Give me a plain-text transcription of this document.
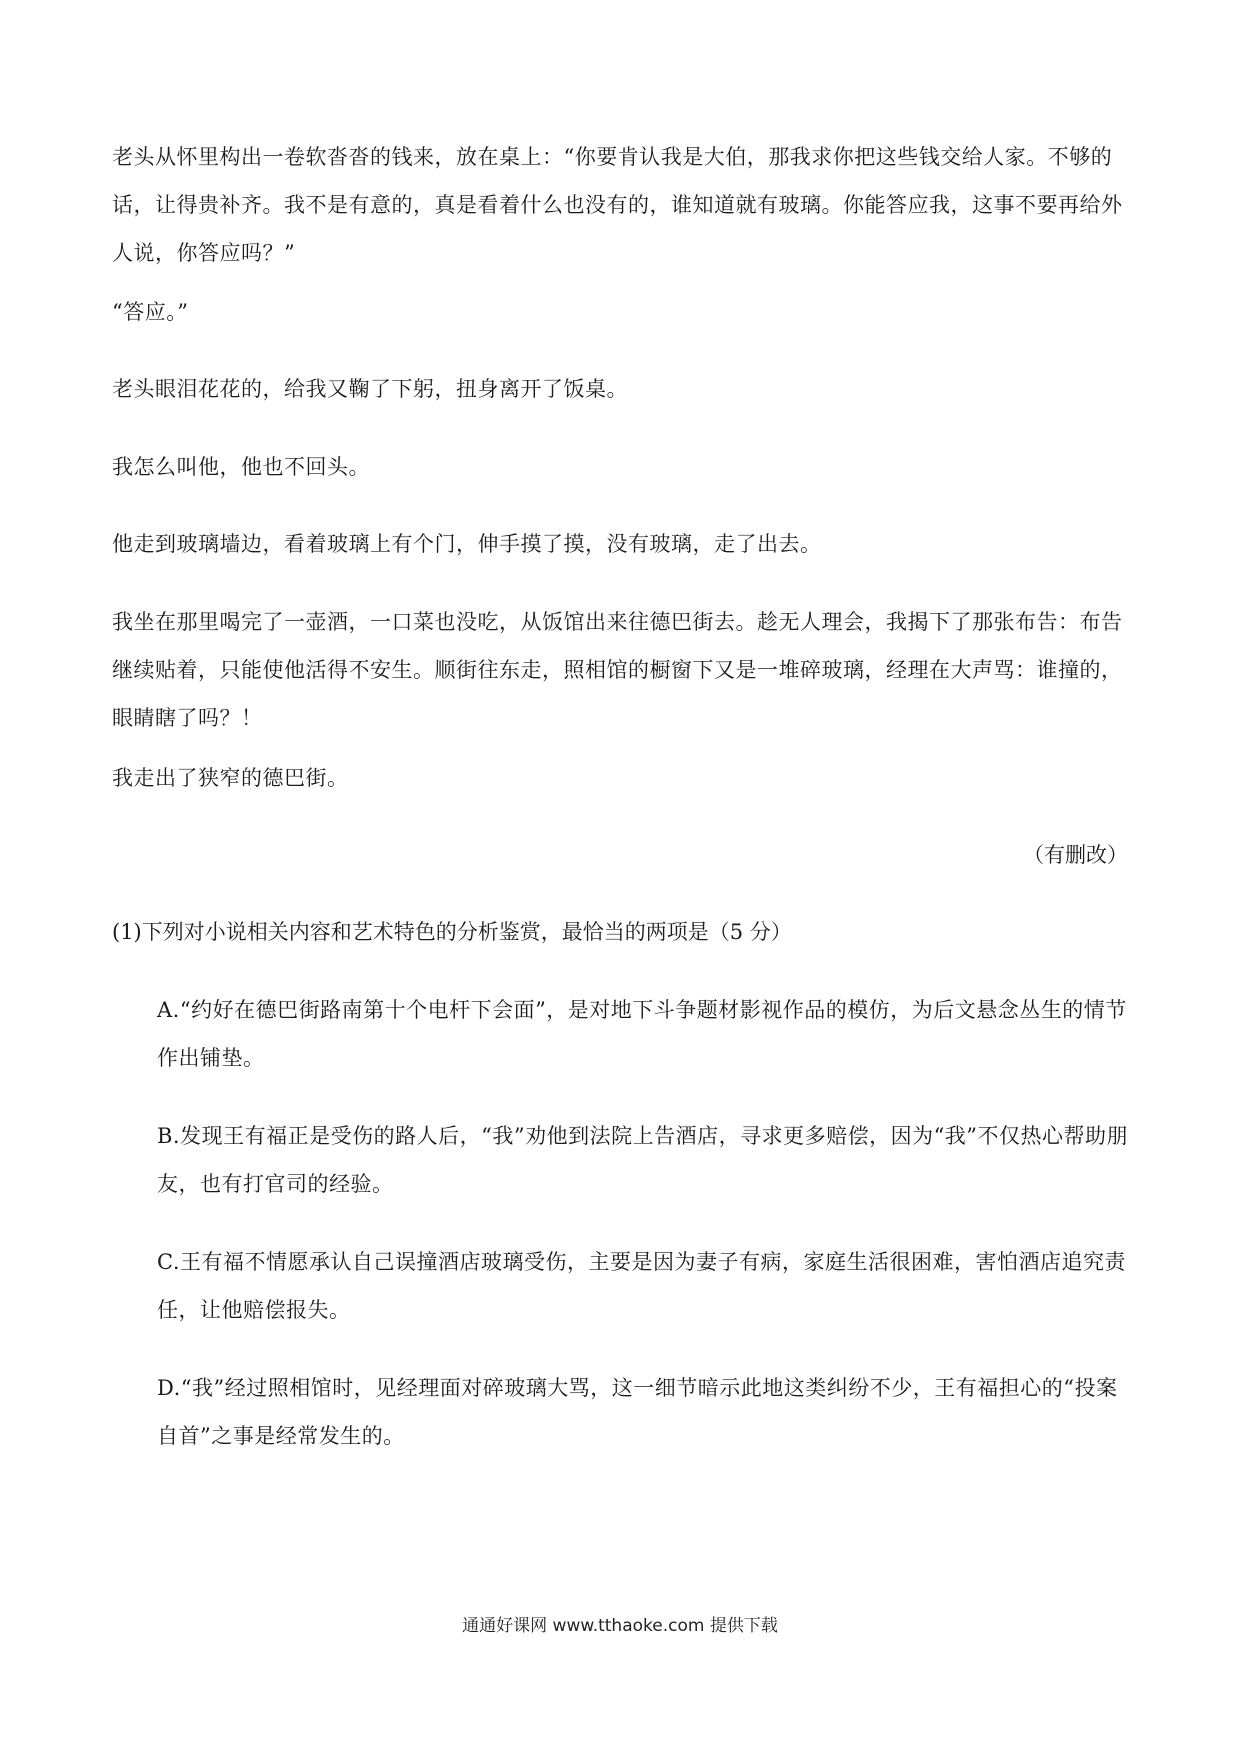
老头从怀里构出一卷软沓沓的钱来，放在桌上：“你要肯认我是大伯，那我求你把这些钱交给人家。不够的话，让得贵补齐。我不是有意的，真是看着什么也没有的，谁知道就有玻璃。你能答应我，这事不要再给外人说，你答应吗？”

“答应。”

老头眼泪花花的，给我又鞠了下躬，扭身离开了饭桌。

我怎么叫他，他也不回头。

他走到玻璃墙边，看着玻璃上有个门，伸手摸了摸，没有玻璃，走了出去。

我坐在那里喝完了一壶酒，一口菜也没吃，从饭馆出来往德巴街去。趁无人理会，我揭下了那张布告：布告继续贴着，只能使他活得不安生。顺街往东走，照相馆的橱窗下又是一堆碎玻璃，经理在大声骂：谁撞的，眼睛瞎了吗？！

我走出了狭窄的德巴街。

（有删改）

(1)下列对小说相关内容和艺术特色的分析鉴赏，最恰当的两项是（5 分）

A.“约好在德巴街路南第十个电杆下会面”，是对地下斗争题材影视作品的模仿，为后文悬念丛生的情节作出铺垫。

B.发现王有福正是受伤的路人后，“我”劝他到法院上告酒店，寻求更多赔偿，因为“我”不仅热心帮助朋友，也有打官司的经验。

C.王有福不情愿承认自己误撞酒店玻璃受伤，主要是因为妻子有病，家庭生活很困难，害怕酒店追究责任，让他赔偿报失。

D.“我”经过照相馆时，见经理面对碎玻璃大骂，这一细节暗示此地这类纠纷不少，王有福担心的“投案自首”之事是经常发生的。

通通好课网 www.tthaoke.com 提供下载
